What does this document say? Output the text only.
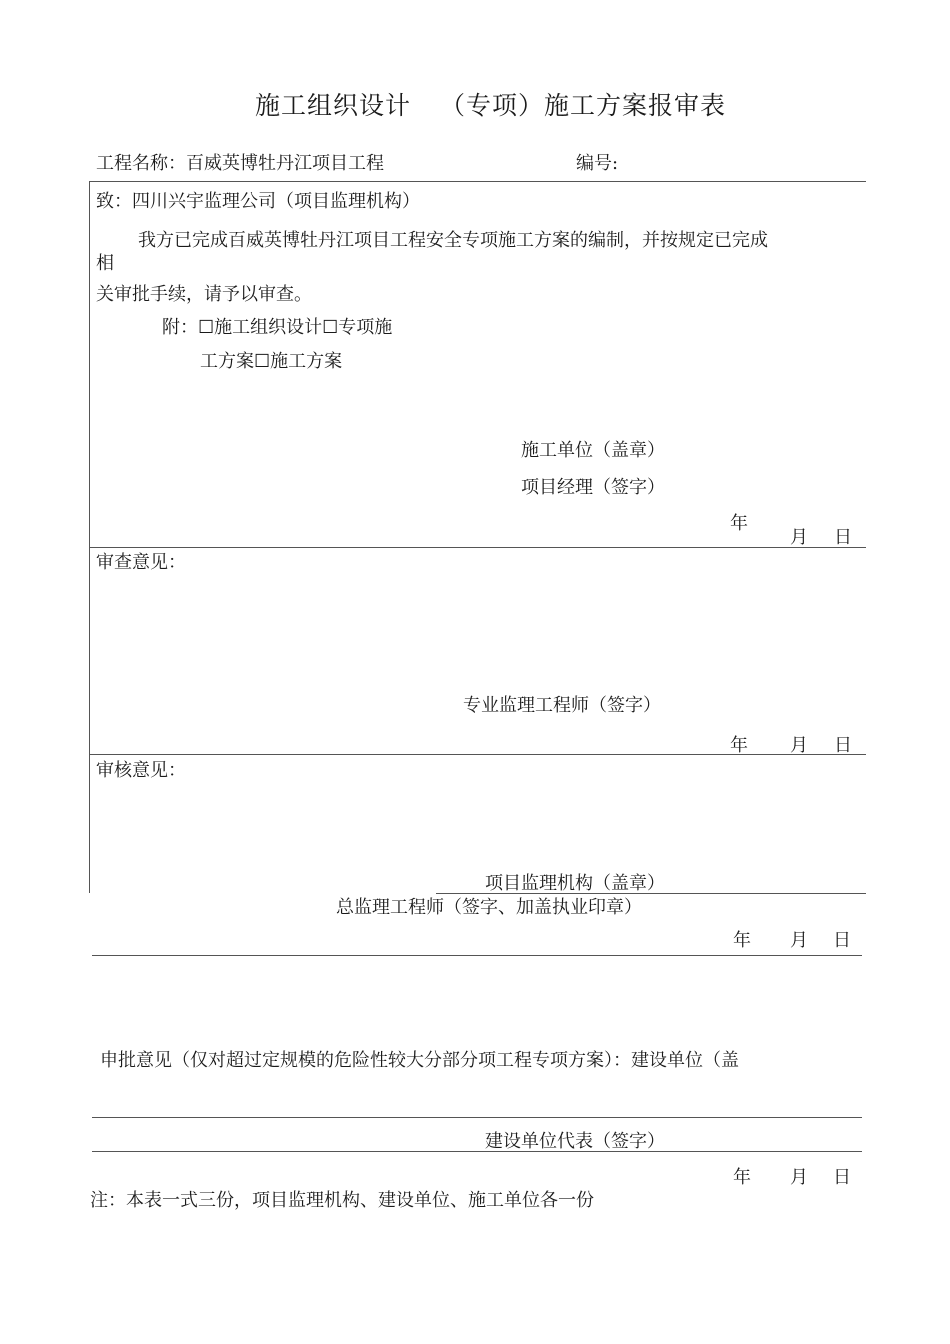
施工组织设计 （专项）施工方案报审表
工程名称：百威英博牡丹江项目工程	编号:
致：四川兴宇监理公司（项目监理机构）
我方已完成百威英博牡丹江项目工程安全专项施工方案的编制，并按规定已完成
相
关审批手续，请予以审查。
附：☐施工组织设计☐专项施
工方案☐施工方案
施工单位（盖章）
项目经理（签字）
年
月 日
审查意见：
专业监理工程师（签字）
年 月 日
审核意见：
项目监理机构（盖章）
总监理工程师（签字、加盖执业印章）
年 月 日
申批意见（仅对超过定规模的危险性较大分部分项工程专项方案）：建设单位（盖
建设单位代表（签字）
年 月 日
注：本表一式三份，项目监理机构、建设单位、施工单位各一份
